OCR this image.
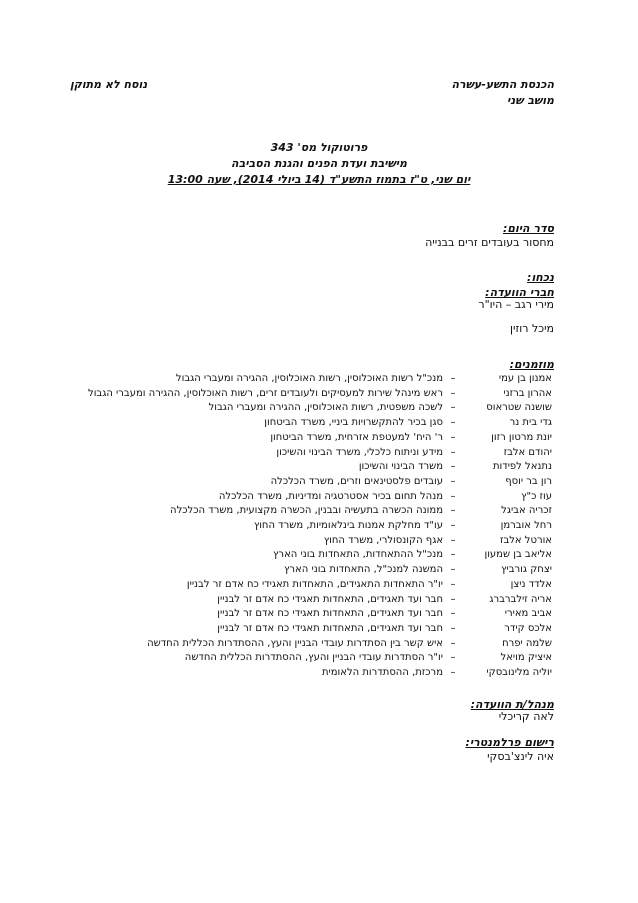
הכנסת התשע-עשרה
מושב שני
נוסח לא מתוקן
פרוטוקול מס' 343
מישיבת ועדת הפנים והגנת הסביבה
יום שני, ט"ז בתמוז התשע"ד (14 ביולי 2014), שעה 13:00
סדר היום:
מחסור בעובדים זרים בבנייה
נכחו:
חברי הוועדה:
מירי רגב – היו"ר
מיכל רוזין
מוזמנים:
אמנון בן עמי
–
מנכ"ל רשות האוכלוסין, רשות האוכלוסין, ההגירה ומעברי הגבול
אהרון ברזני
–
ראש מינהל שירות למעסיקים ולעובדים זרים, רשות האוכלוסין, ההגירה ומעברי הגבול
שושנה שטראוס
–
לשכה משפטית, רשות האוכלוסין, ההגירה ומעברי הגבול
גדי בית נר
–
סגן בכיר להתקשרויות ביניי, משרד הביטחון
יונת מרטון רזון
–
ר' היח' למעטפת אזרחית, משרד הביטחון
יהודם אלבז
–
מידע וניתוח כלכלי, משרד הבינוי והשיכון
נתנאל לפידות
–
משרד הבינוי והשיכון
רון בר יוסף
–
עובדים פלסטינאים וזרים, משרד הכלכלה
עוז כ"ץ
–
מנהל תחום בכיר אסטרטגיה ומדיניות, משרד הכלכלה
זכריה אביגל
–
ממונה הכשרה בתעשיה ובבנין, הכשרה מקצועית, משרד הכלכלה
רחל אוברמן
–
עו"ד מחלקת אמנות בינלאומיות, משרד החוץ
אורטל אלבז
–
אגף הקונסולרי, משרד החוץ
אליאב בן שמעון
–
מנכ"ל ההתאחדות, התאחדות בוני הארץ
יצחק גורביץ
–
המשנה למנכ"ל, התאחדות בוני הארץ
אלדד ניצן
–
יו"ר התאחדות התאגידים, התאחדות תאגידי כח אדם זר לבניין
אריה זילברברג
–
חבר ועד תאגידים, התאחדות תאגידי כח אדם זר לבניין
אביב מאירי
–
חבר ועד תאגידים, התאחדות תאגידי כח אדם זר לבניין
אלכס קידר
–
חבר ועד תאגידים, התאחדות תאגידי כח אדם זר לבניין
שלמה יפרח
–
איש קשר בין הסתדרות עובדי הבניין והעץ, ההסתדרות הכללית החדשה
איציק מויאל
–
יו"ר הסתדרות עובדי הבניין והעץ, ההסתדרות הכללית החדשה
יוליה מלינובסקי
–
מרכזת, ההסתדרות הלאומית
מנהל/ת הוועדה:
לאה קריכלי
רישום פרלמנטרי:
איה לינצ'בסקי
